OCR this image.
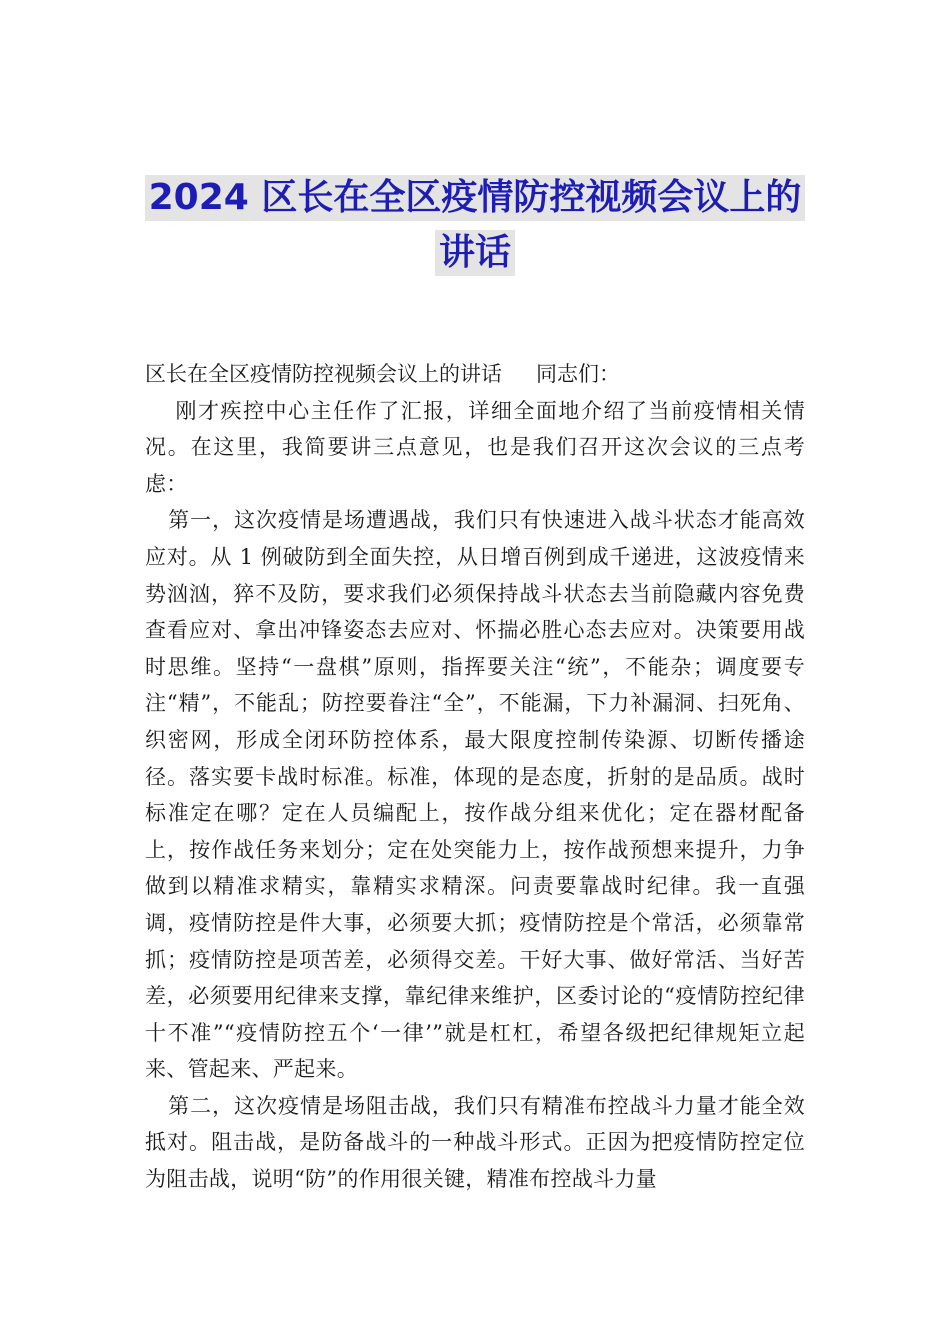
2024 区长在全区疫情防控视频会议上的
讲话

区长在全区疫情防控视频会议上的讲话 同志们：

刚才疾控中心主任作了汇报，详细全面地介绍了当前疫情相关情况。在这里，我简要讲三点意见，也是我们召开这次会议的三点考虑：

第一，这次疫情是场遭遇战，我们只有快速进入战斗状态才能高效应对。从 1 例破防到全面失控，从日增百例到成千递进，这波疫情来势汹汹，猝不及防，要求我们必须保持战斗状态去当前隐藏内容免费查看应对、拿出冲锋姿态去应对、怀揣必胜心态去应对。决策要用战时思维。坚持“一盘棋”原则，指挥要关注“统”，不能杂；调度要专注“精”，不能乱；防控要眷注“全”，不能漏，下力补漏洞、扫死角、织密网，形成全闭环防控体系，最大限度控制传染源、切断传播途径。落实要卡战时标准。标准，体现的是态度，折射的是品质。战时标准定在哪？定在人员编配上，按作战分组来优化；定在器材配备上，按作战任务来划分；定在处突能力上，按作战预想来提升，力争做到以精准求精实，靠精实求精深。问责要靠战时纪律。我一直强调，疫情防控是件大事，必须要大抓；疫情防控是个常活，必须靠常抓；疫情防控是项苦差，必须得交差。干好大事、做好常活、当好苦差，必须要用纪律来支撑，靠纪律来维护，区委讨论的“疫情防控纪律十不准”“疫情防控五个‘一律’”就是杠杠，希望各级把纪律规矩立起来、管起来、严起来。

第二，这次疫情是场阻击战，我们只有精准布控战斗力量才能全效抵对。阻击战，是防备战斗的一种战斗形式。正因为把疫情防控定位为阻击战，说明“防”的作用很关键，精准布控战斗力量
